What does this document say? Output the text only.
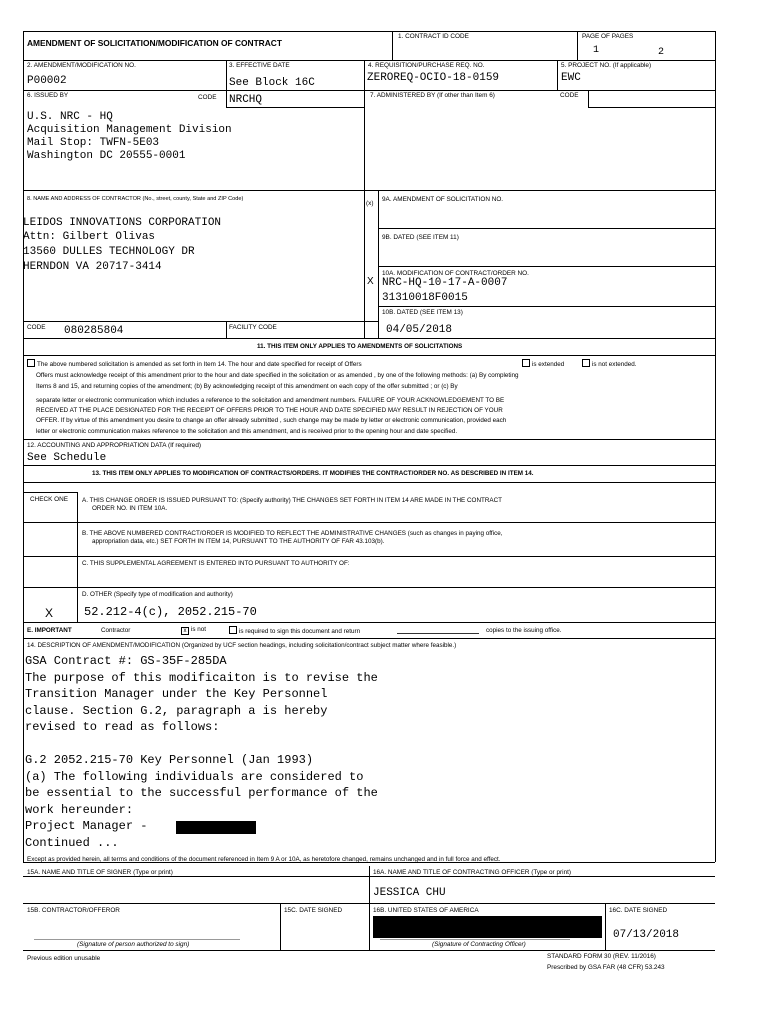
AMENDMENT OF SOLICITATION/MODIFICATION OF CONTRACT
1. CONTRACT ID CODE	PAGE OF PAGES
1	2
2. AMENDMENT/MODIFICATION NO.
P00002
3. EFFECTIVE DATE
See Block 16C
4. REQUISITION/PURCHASE REQ. NO.
ZEROREQ-OCIO-18-0159
5. PROJECT NO. (If applicable)
EWC
6. ISSUED BY	CODE NRCHQ	7. ADMINISTERED BY (If other than Item 6)	CODE
U.S. NRC - HQ
Acquisition Management Division
Mail Stop: TWFN-5E03
Washington DC 20555-0001
8. NAME AND ADDRESS OF CONTRACTOR (No., street, county, State and ZIP Code)
(x)
LEIDOS INNOVATIONS CORPORATION
Attn: Gilbert Olivas
13560 DULLES TECHNOLOGY DR
HERNDON VA 20717-3414
CODE 080285804	FACILITY CODE
9A. AMENDMENT OF SOLICITATION NO.
9B. DATED (SEE ITEM 11)
10A. MODIFICATION OF CONTRACT/ORDER NO.
X NRC-HQ-10-17-A-0007
31310018F0015
10B. DATED (SEE ITEM 13)
04/05/2018
11. THIS ITEM ONLY APPLIES TO AMENDMENTS OF SOLICITATIONS
The above numbered solicitation is amended as set forth in Item 14. The hour and date specified for receipt of Offers	is extended	is not extended.
Offers must acknowledge receipt of this amendment prior to the hour and date specified in the solicitation or as amended , by one of the following methods: (a) By completing
Items 8 and 15, and returning copies of the amendment; (b) By acknowledging receipt of this amendment on each copy of the offer submitted ; or (c) By
separate letter or electronic communication which includes a reference to the solicitation and amendment numbers. FAILURE OF YOUR ACKNOWLEDGEMENT TO BE
RECEIVED AT THE PLACE DESIGNATED FOR THE RECEIPT OF OFFERS PRIOR TO THE HOUR AND DATE SPECIFIED MAY RESULT IN REJECTION OF YOUR
OFFER. If by virtue of this amendment you desire to change an offer already submitted , such change may be made by letter or electronic communication, provided each
letter or electronic communication makes reference to the solicitation and this amendment, and is received prior to the opening hour and date specified.
12. ACCOUNTING AND APPROPRIATION DATA (If required)
See Schedule
13. THIS ITEM ONLY APPLIES TO MODIFICATION OF CONTRACTS/ORDERS. IT MODIFIES THE CONTRACT/ORDER NO. AS DESCRIBED IN ITEM 14.
CHECK ONE A. THIS CHANGE ORDER IS ISSUED PURSUANT TO: (Specify authority) THE CHANGES SET FORTH IN ITEM 14 ARE MADE IN THE CONTRACT
ORDER NO. IN ITEM 10A.
B. THE ABOVE NUMBERED CONTRACT/ORDER IS MODIFIED TO REFLECT THE ADMINISTRATIVE CHANGES (such as changes in paying office,
appropriation data, etc.) SET FORTH IN ITEM 14, PURSUANT TO THE AUTHORITY OF FAR 43.103(b).
C. THIS SUPPLEMENTAL AGREEMENT IS ENTERED INTO PURSUANT TO AUTHORITY OF:
D. OTHER (Specify type of modification and authority)
X	52.212-4(c), 2052.215-70
E. IMPORTANT	Contractor	x is not	is required to sign this document and return	copies to the issuing office.
14. DESCRIPTION OF AMENDMENT/MODIFICATION (Organized by UCF section headings, including solicitation/contract subject matter where feasible.)
GSA Contract #: GS-35F-285DA
The purpose of this modificaiton is to revise the
Transition Manager under the Key Personnel
clause. Section G.2, paragraph a is hereby
revised to read as follows:
G.2 2052.215-70 Key Personnel (Jan 1993)
(a) The following individuals are considered to
be essential to the successful performance of the
work hereunder:
Project Manager -
Continued ...
Except as provided herein, all terms and conditions of the document referenced in Item 9 A or 10A, as heretofore changed, remains unchanged and in full force and effect.
15A. NAME AND TITLE OF SIGNER (Type or print)	16A. NAME AND TITLE OF CONTRACTING OFFICER (Type or print)
JESSICA CHU
15B. CONTRACTOR/OFFEROR	15C. DATE SIGNED	16B. UNITED STATES OF AMERICA	16C. DATE SIGNED
07/13/2018
(Signature of person authorized to sign)	(Signature of Contracting Officer)
Previous edition unusable	STANDARD FORM 30 (REV. 11/2016)
Prescribed by GSA FAR (48 CFR) 53.243
